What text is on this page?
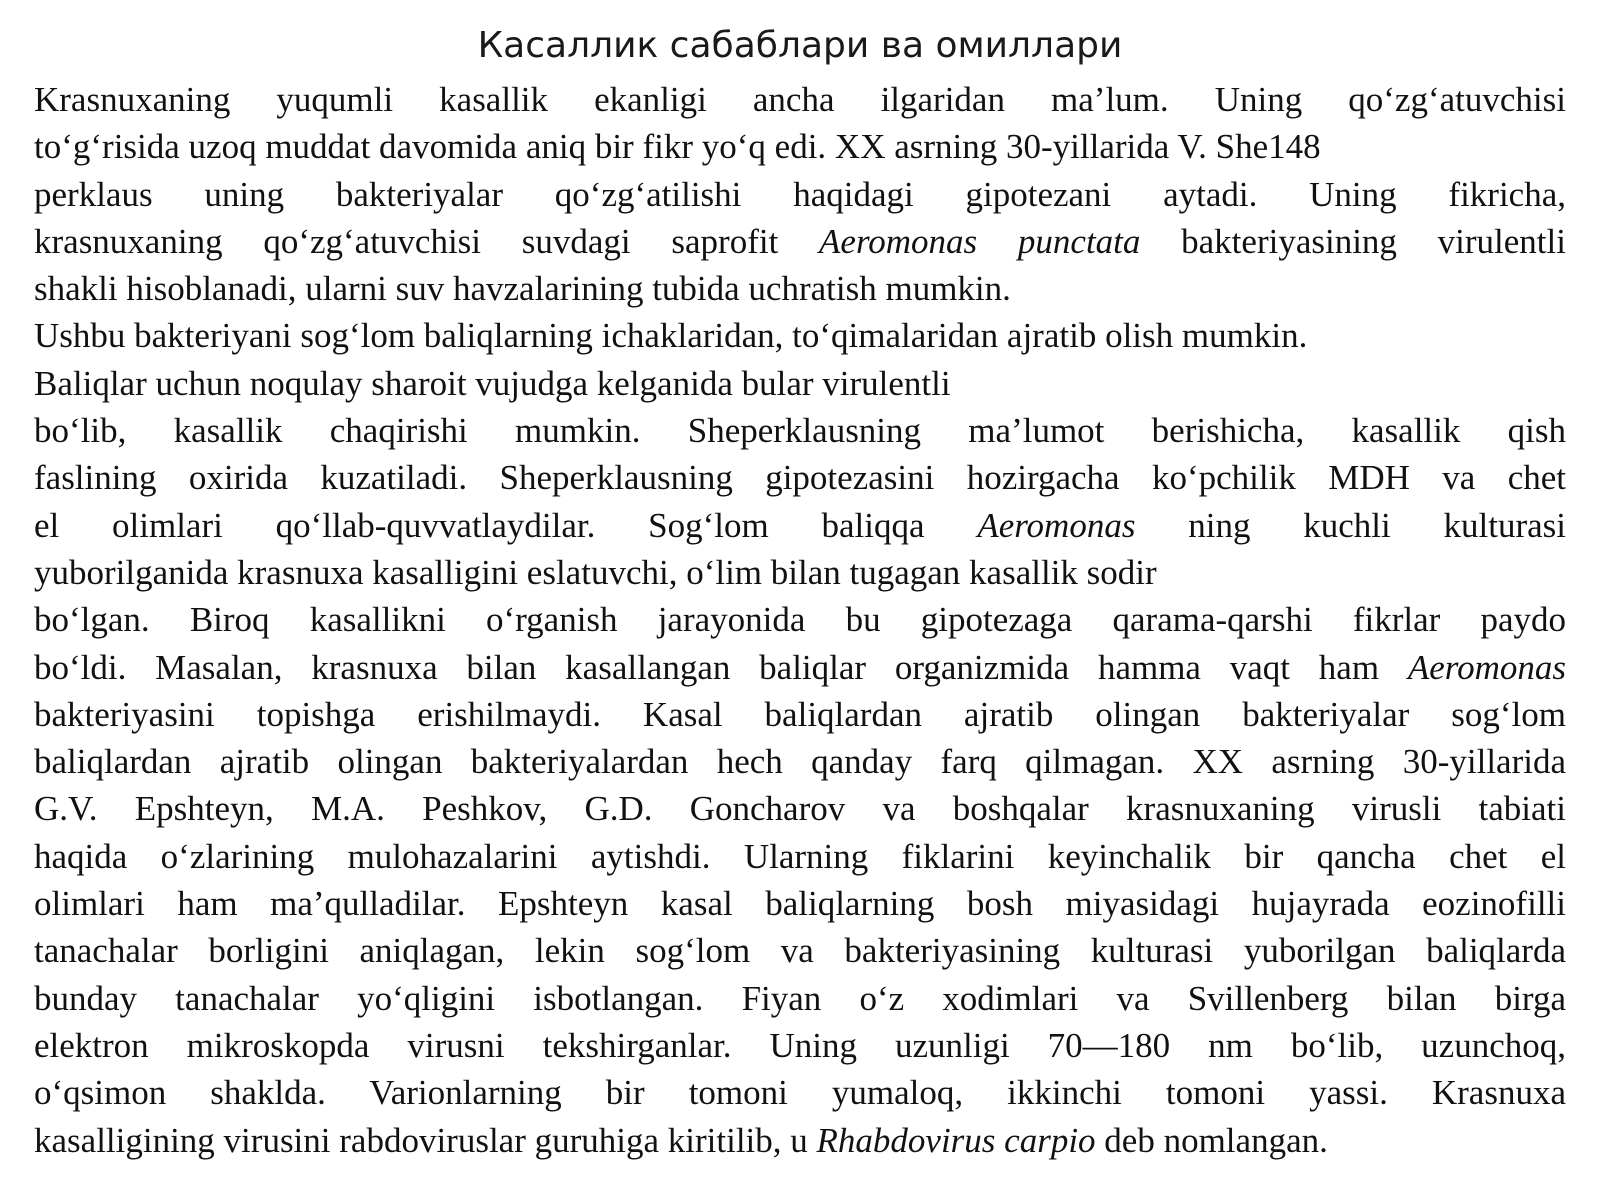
Касаллик сабаблари ва омиллари
Krasnuxaning yuqumli kasallik ekanligi ancha ilgaridan ma’lum. Uning qo‘zg‘atuvchisi
to‘g‘risida uzoq muddat davomida aniq bir fikr yo‘q edi. XX asrning 30-yillarida V. She148
perklaus uning bakteriyalar qo‘zg‘atilishi haqidagi gipotezani aytadi. Uning fikricha,
krasnuxaning qo‘zg‘atuvchisi suvdagi saprofit Aeromonas punctata bakteriyasining virulentli
shakli hisoblanadi, ularni suv havzalarining tubida uchratish mumkin.
Ushbu bakteriyani sog‘lom baliqlarning ichaklaridan, to‘qimalaridan ajratib olish mumkin.
Baliqlar uchun noqulay sharoit vujudga kelganida bular virulentli
bo‘lib, kasallik chaqirishi mumkin. Sheperklausning ma’lumot berishicha, kasallik qish
faslining oxirida kuzatiladi. Sheperklausning gipotezasini hozirgacha ko‘pchilik MDH va chet
el olimlari qo‘llab-quvvatlaydilar. Sog‘lom baliqqa Aeromonas ning kuchli kulturasi
yuborilganida krasnuxa kasalligini eslatuvchi, o‘lim bilan tugagan kasallik sodir
bo‘lgan. Biroq kasallikni o‘rganish jarayonida bu gipotezaga qarama-qarshi fikrlar paydo
bo‘ldi. Masalan, krasnuxa bilan kasallangan baliqlar organizmida hamma vaqt ham Aeromonas
bakteriyasini topishga erishilmaydi. Kasal baliqlardan ajratib olingan bakteriyalar sog‘lom
baliqlardan ajratib olingan bakteriyalardan hech qanday farq qilmagan. XX asrning 30-yillarida
G.V. Epshteyn, M.A. Peshkov, G.D. Goncharov va boshqalar krasnuxaning virusli tabiati
haqida o‘zlarining mulohazalarini aytishdi. Ularning fiklarini keyinchalik bir qancha chet el
olimlari ham ma’qulladilar. Epshteyn kasal baliqlarning bosh miyasidagi hujayrada eozinofilli
tanachalar borligini aniqlagan, lekin sog‘lom va bakteriyasining kulturasi yuborilgan baliqlarda
bunday tanachalar yo‘qligini isbotlangan. Fiyan o‘z xodimlari va Svillenberg bilan birga
elektron mikroskopda virusni tekshirganlar. Uning uzunligi 70—180 nm bo‘lib, uzunchoq,
o‘qsimon shaklda. Varionlarning bir tomoni yumaloq, ikkinchi tomoni yassi. Krasnuxa
kasalligining virusini rabdoviruslar guruhiga kiritilib, u Rhabdovirus carpio deb nomlangan.
